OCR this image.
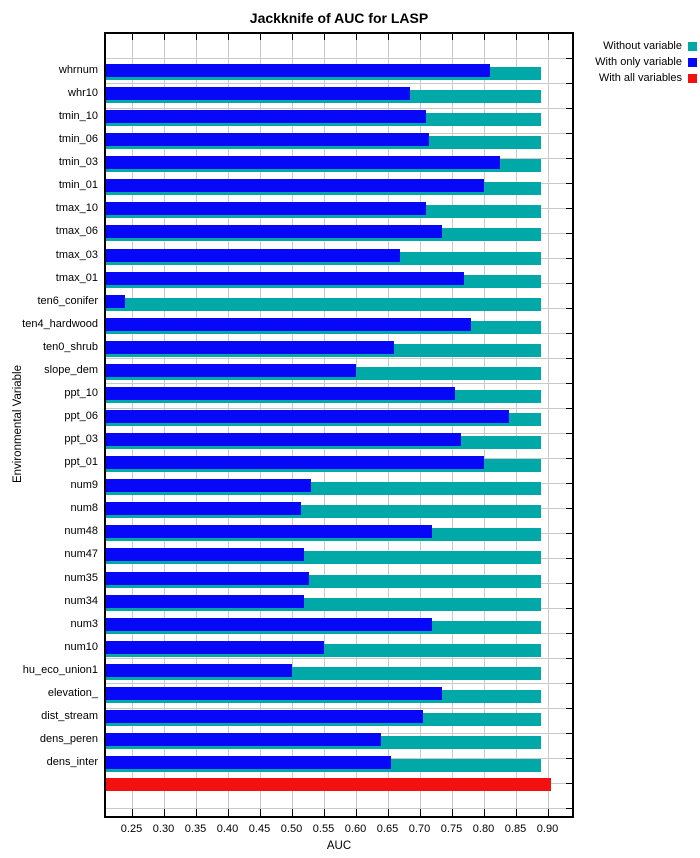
Jackknife of AUC for LASP
Without variable
With only variable
With all variables
whrnum
whr10
tmin_10
tmin_06
tmin_03
tmin_01
tmax_10
tmax_06
tmax_03
tmax_01
ten6_conifer
ten4_hardwood
ten0_shrub
slope_dem
ppt_10
ppt_06
ppt_03
ppt_01
num9
num8
num48
num47
num35
num34
num3
num10
hu_eco_union1
elevation_
dist_stream
dens_peren
dens_inter
0.25 0.30 0.35 0.40 0.45 0.50 0.55 0.60 0.65 0.70 0.75 0.80 0.85 0.90
AUC
Environmental Variable
